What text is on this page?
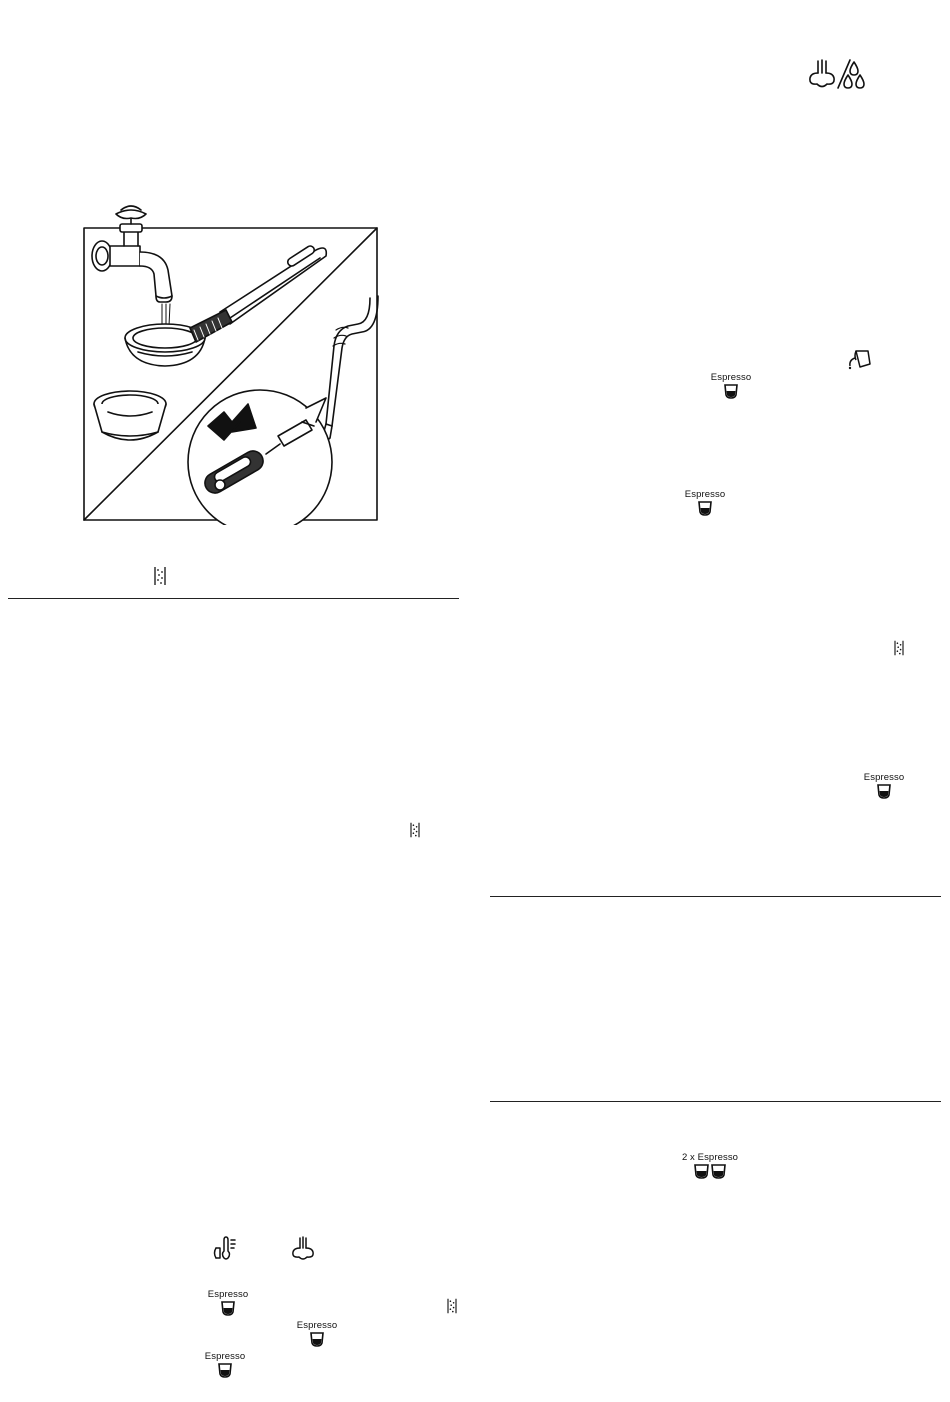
Espresso
Espresso
Espresso
Espresso
Espresso
Espresso
2 x Espresso
